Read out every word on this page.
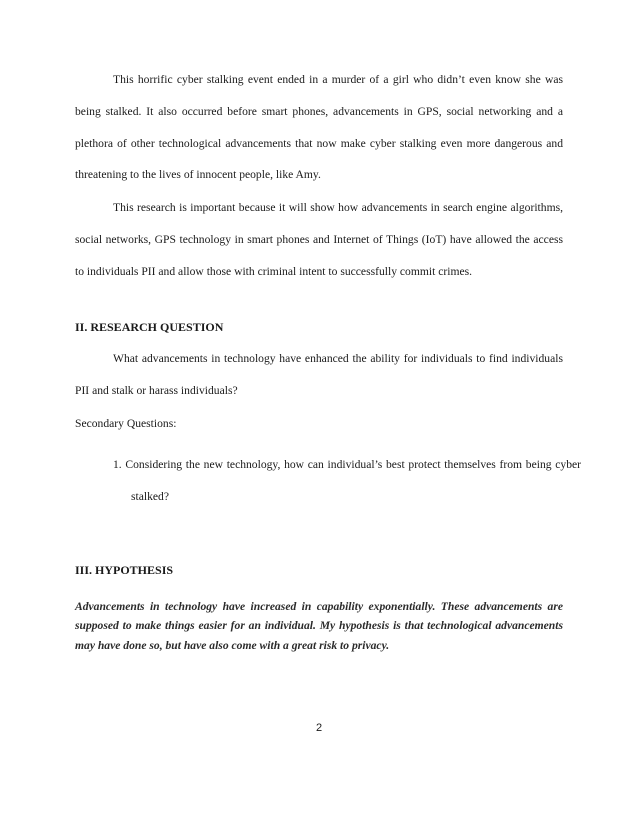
This horrific cyber stalking event ended in a murder of a girl who didn’t even know she was being stalked. It also occurred before smart phones, advancements in GPS, social networking and a plethora of other technological advancements that now make cyber stalking even more dangerous and threatening to the lives of innocent people, like Amy.

This research is important because it will show how advancements in search engine algorithms, social networks, GPS technology in smart phones and Internet of Things (IoT) have allowed the access to individuals PII and allow those with criminal intent to successfully commit crimes.

II. RESEARCH QUESTION

What advancements in technology have enhanced the ability for individuals to find individuals PII and stalk or harass individuals?

Secondary Questions:

1. Considering the new technology, how can individual’s best protect themselves from being cyber stalked?

III. HYPOTHESIS

Advancements in technology have increased in capability exponentially. These advancements are supposed to make things easier for an individual. My hypothesis is that technological advancements may have done so, but have also come with a great risk to privacy.

2
